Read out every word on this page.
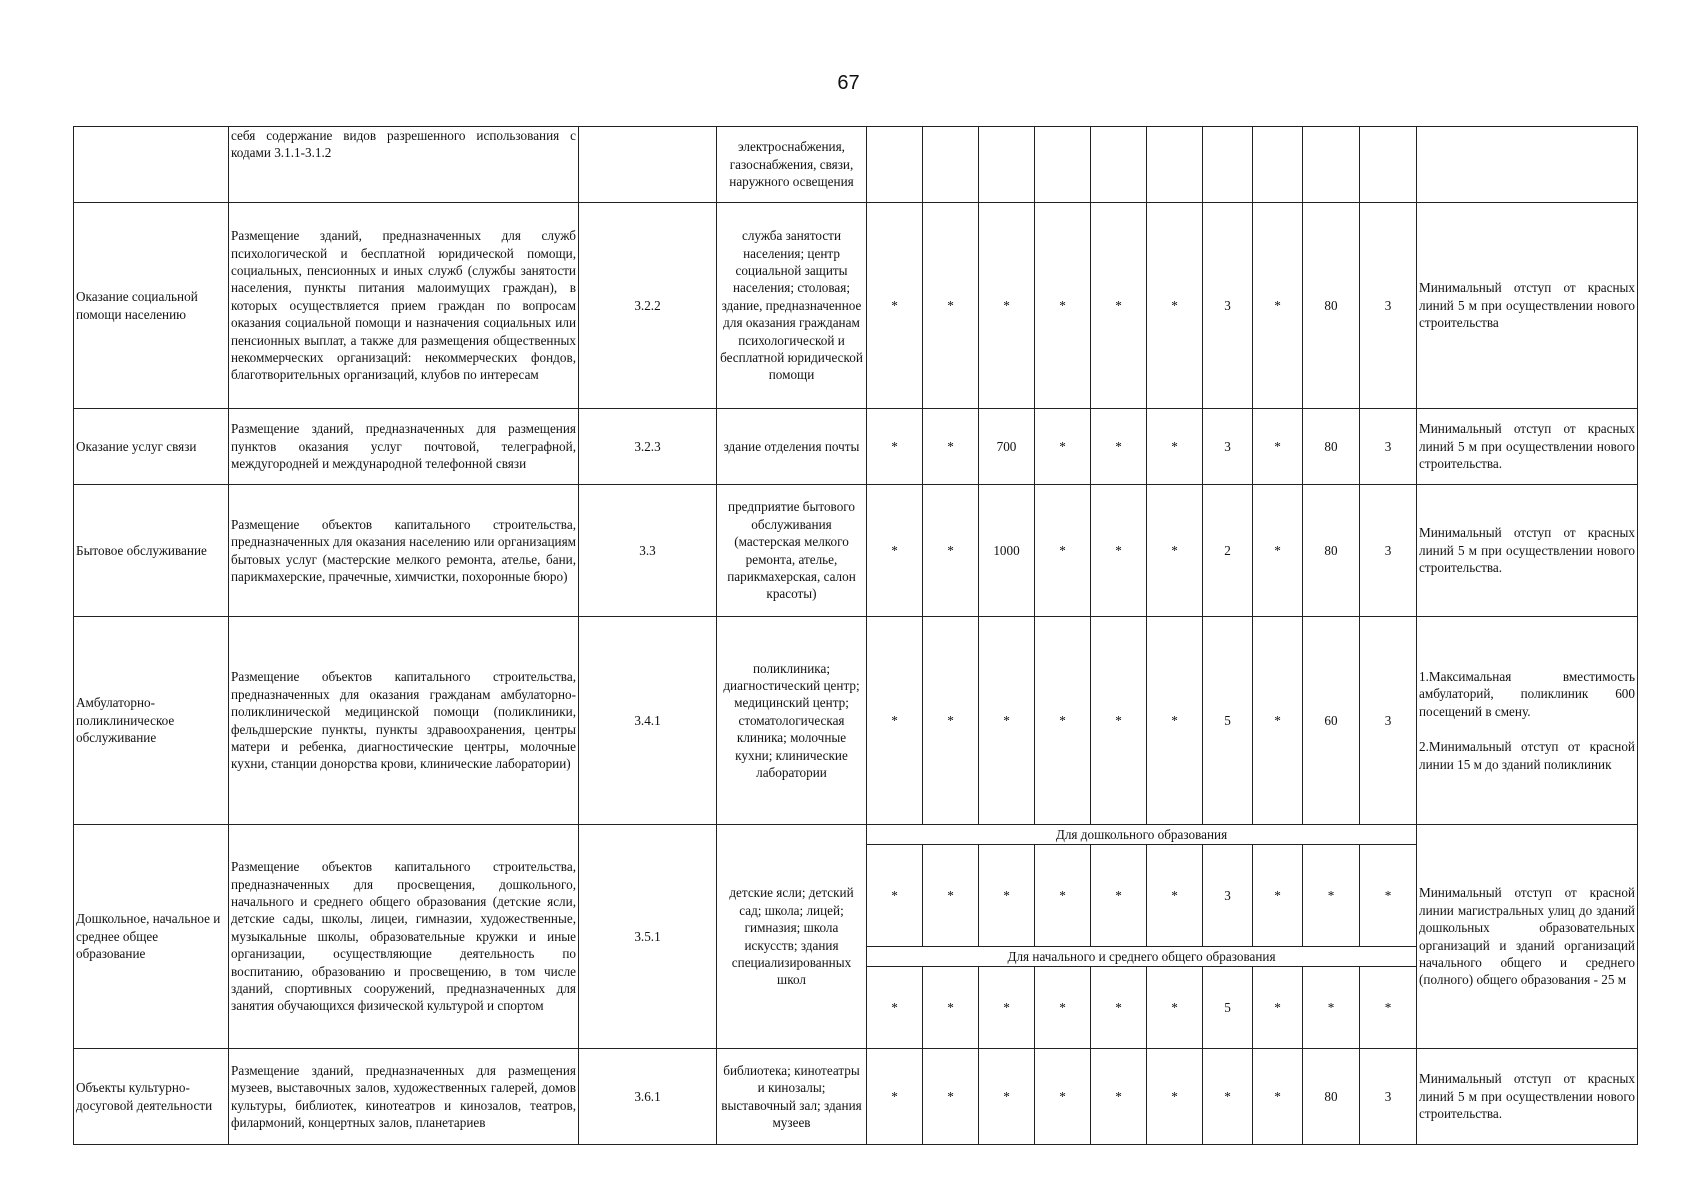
67
	себя содержание видов разрешенного использования с кодами 3.1.1-3.1.2		электроснабжения, газоснабжения, связи, наружного освещения											
Оказание социальной помощи населению	Размещение зданий, предназначенных для служб психологической и бесплатной юридической помощи, социальных, пенсионных и иных служб (службы занятости населения, пункты питания малоимущих граждан), в которых осуществляется прием граждан по вопросам оказания социальной помощи и назначения социальных или пенсионных выплат, а также для размещения общественных некоммерческих организаций: некоммерческих фондов, благотворительных организаций, клубов по интересам	3.2.2	служба занятости населения; центр социальной защиты населения; столовая; здание, предназначенное для оказания гражданам психологической и бесплатной юридической помощи	*	*	*	*	*	*	3	*	80	3	Минимальный отступ от красных линий 5 м при осуществлении нового строительства
Оказание услуг связи	Размещение зданий, предназначенных для размещения пунктов оказания услуг почтовой, телеграфной, междугородней и международной телефонной связи	3.2.3	здание отделения почты	*	*	700	*	*	*	3	*	80	3	Минимальный отступ от красных линий 5 м при осуществлении нового строительства.
Бытовое обслуживание	Размещение объектов капитального строительства, предназначенных для оказания населению или организациям бытовых услуг (мастерские мелкого ремонта, ателье, бани, парикмахерские, прачечные, химчистки, похоронные бюро)	3.3	предприятие бытового обслуживания (мастерская мелкого ремонта, ателье, парикмахерская, салон красоты)	*	*	1000	*	*	*	2	*	80	3	Минимальный отступ от красных линий 5 м при осуществлении нового строительства.
Амбулаторно-поликлиническое обслуживание	Размещение объектов капитального строительства, предназначенных для оказания гражданам амбулаторно-поликлинической медицинской помощи (поликлиники, фельдшерские пункты, пункты здравоохранения, центры матери и ребенка, диагностические центры, молочные кухни, станции донорства крови, клинические лаборатории)	3.4.1	поликлиника; диагностический центр; медицинский центр; стоматологическая клиника; молочные кухни; клинические лаборатории	*	*	*	*	*	*	5	*	60	3	1.Максимальная вместимость амбулаторий, поликлиник 600 посещений в смену.

2.Минимальный отступ от красной линии 15 м до зданий поликлиник

Дошкольное, начальное и среднее общее образование	Размещение объектов капитального строительства, предназначенных для просвещения, дошкольного, начального и среднего общего образования (детские ясли, детские сады, школы, лицеи, гимназии, художественные, музыкальные школы, образовательные кружки и иные организации, осуществляющие деятельность по воспитанию, образованию и просвещению, в том числе зданий, спортивных сооружений, предназначенных для занятия обучающихся физической культурой и спортом	3.5.1	детские ясли; детский сад; школа; лицей; гимназия; школа искусств; здания специализированных школ	Для дошкольного образования										Минимальный отступ от красной линии магистральных улиц до зданий дошкольных образовательных организаций и зданий организаций начального общего и среднего (полного) общего образования - 25 м
				*	*	*	*	*	*	3	*	*	*	
				Для начального и среднего общего образования										
				*	*	*	*	*	*	5	*	*	*	
Объекты культурно-досуговой деятельности	Размещение зданий, предназначенных для размещения музеев, выставочных залов, художественных галерей, домов культуры, библиотек, кинотеатров и кинозалов, театров, филармоний, концертных залов, планетариев	3.6.1	библиотека; кинотеатры и кинозалы; выставочный зал; здания музеев	*	*	*	*	*	*	*	*	80	3	Минимальный отступ от красных линий 5 м при осуществлении нового строительства.
